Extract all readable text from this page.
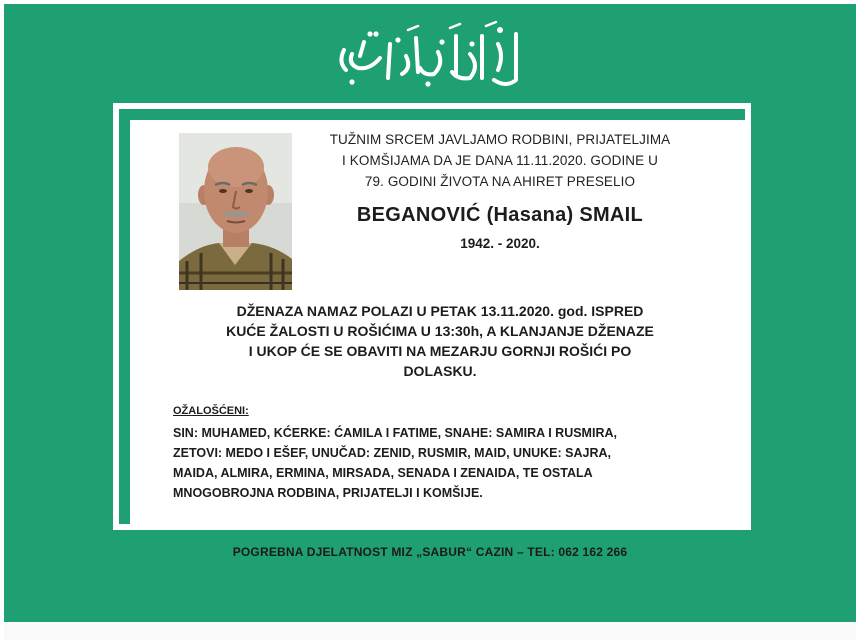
TUŽNIM SRCEM JAVLJAMO RODBINI, PRIJATELJIMA
I KOMŠIJAMA DA JE DANA 11.11.2020. GODINE U
79. GODINI ŽIVOTA NA AHIRET PRESELIO
BEGANOVIĆ (Hasana) SMAIL
1942. - 2020.
DŽENAZA NAMAZ POLAZI U PETAK 13.11.2020. god. ISPRED
KUĆE ŽALOSTI U ROŠIĆIMA U 13:30h, A KLANJANJE DŽENAZE
I UKOP ĆE SE OBAVITI NA MEZARJU GORNJI ROŠIĆI PO
DOLASKU.
OŽALOŠĆENI:
SIN: MUHAMED, KĆERKE: ĆAMILA I FATIME, SNAHE: SAMIRA I RUSMIRA,
ZETOVI: MEDO I EŠEF, UNUČAD: ZENID, RUSMIR, MAID, UNUKE: SAJRA,
MAIDA, ALMIRA, ERMINA, MIRSADA, SENADA I ZENAIDA, TE OSTALA
MNOGOBROJNA RODBINA, PRIJATELJI I KOMŠIJE.
POGREBNA DJELATNOST MIZ „SABUR“ CAZIN – TEL: 062 162 266
